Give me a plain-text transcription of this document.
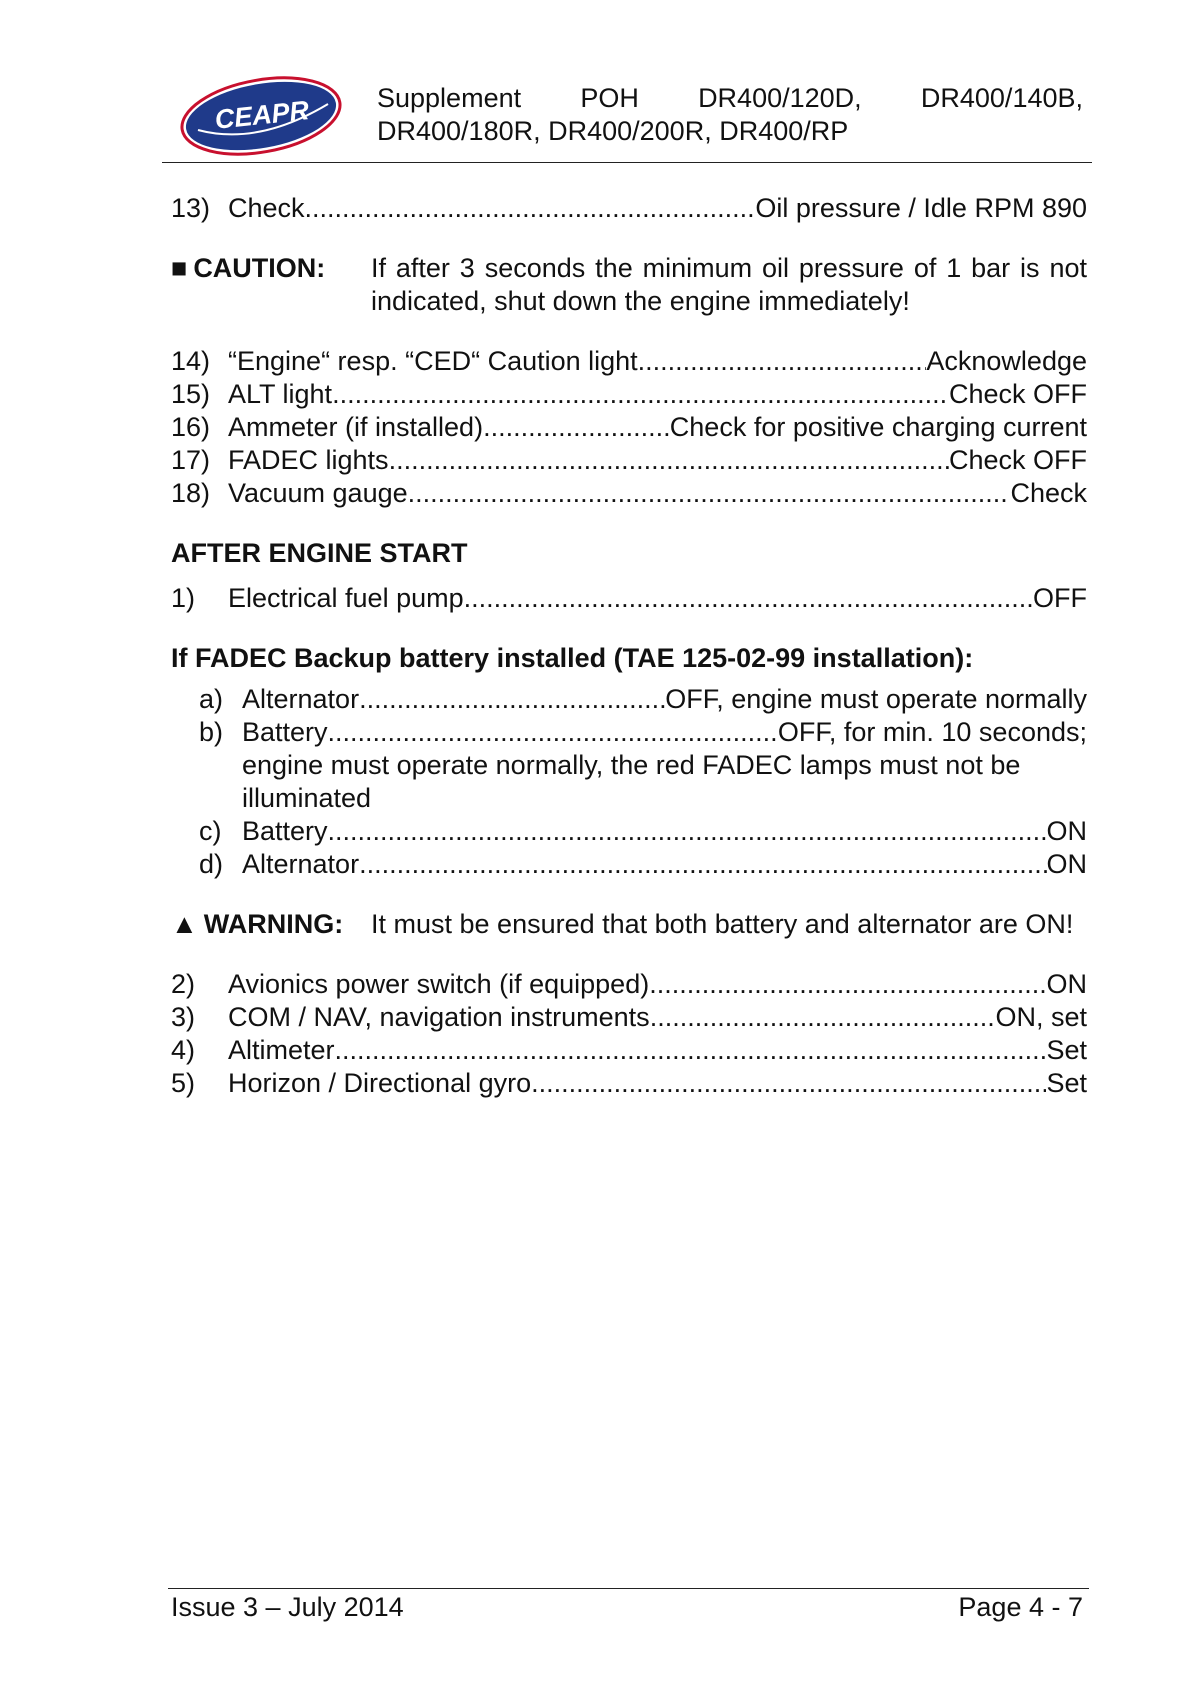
CEAPR Supplement POH DR400/120D, DR400/140B,
DR400/180R, DR400/200R, DR400/RP
13) Check .....	Oil pressure / Idle RPM 890
■ CAUTION:	If after 3 seconds the minimum oil pressure of 1 bar is not indicated, shut down the engine immediately!
14) “Engine“ resp. “CED“ Caution light .....	Acknowledge
15) ALT light .....	Check OFF
16) Ammeter (if installed) .....	Check for positive charging current
17) FADEC lights .....	Check OFF
18) Vacuum gauge .....	Check
AFTER ENGINE START
1)	Electrical fuel pump .....	OFF
If FADEC Backup battery installed (TAE 125-02-99 installation):
a) Alternator .....	OFF, engine must operate normally
b) Battery .....	OFF, for min. 10 seconds;
engine must operate normally, the red FADEC lamps must not be illuminated
c) Battery .....	ON
d) Alternator .....	ON
▲ WARNING:	It must be ensured that both battery and alternator are ON!
2)	Avionics power switch (if equipped) .....	ON
3)	COM / NAV, navigation instruments .....	ON, set
4)	Altimeter .....	Set
5)	Horizon / Directional gyro .....	Set
Issue 3 – July 2014	Page 4 - 7
